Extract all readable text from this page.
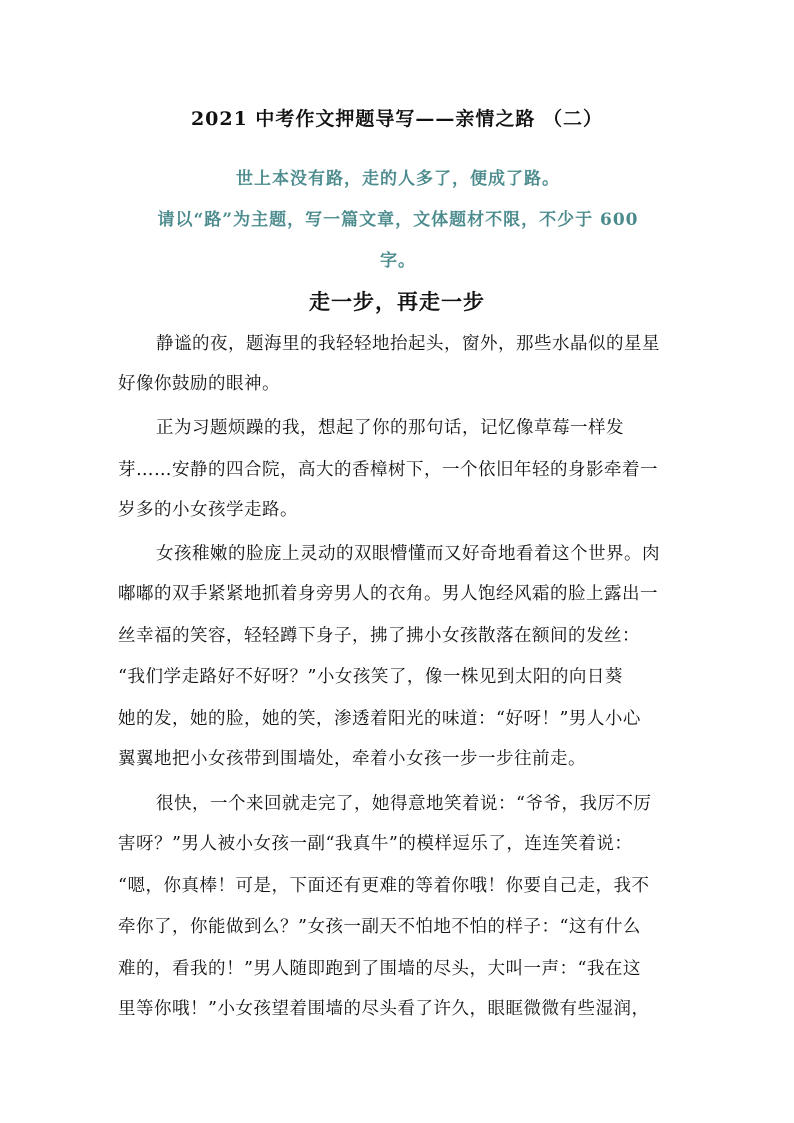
2021 中考作文押题导写——亲情之路 （二）
世上本没有路，走的人多了，便成了路。
请以“路”为主题，写一篇文章，文体题材不限，不少于 600
字。
走一步，再走一步
静谧的夜，题海里的我轻轻地抬起头，窗外，那些水晶似的星星
好像你鼓励的眼神。
正为习题烦躁的我，想起了你的那句话，记忆像草莓一样发
芽……安静的四合院，高大的香樟树下，一个依旧年轻的身影牵着一
岁多的小女孩学走路。
女孩稚嫩的脸庞上灵动的双眼懵懂而又好奇地看着这个世界。肉
嘟嘟的双手紧紧地抓着身旁男人的衣角。男人饱经风霜的脸上露出一
丝幸福的笑容，轻轻蹲下身子，拂了拂小女孩散落在额间的发丝：
“我们学走路好不好呀？”小女孩笑了，像一株见到太阳的向日葵
她的发，她的脸，她的笑，渗透着阳光的味道：“好呀！”男人小心
翼翼地把小女孩带到围墙处，牵着小女孩一步一步往前走。
很快，一个来回就走完了，她得意地笑着说：“爷爷，我厉不厉
害呀？”男人被小女孩一副“我真牛”的模样逗乐了，连连笑着说：
“嗯，你真棒！可是，下面还有更难的等着你哦！你要自己走，我不
牵你了，你能做到么？”女孩一副天不怕地不怕的样子：“这有什么
难的，看我的！”男人随即跑到了围墙的尽头，大叫一声：“我在这
里等你哦！”小女孩望着围墙的尽头看了许久，眼眶微微有些湿润，
